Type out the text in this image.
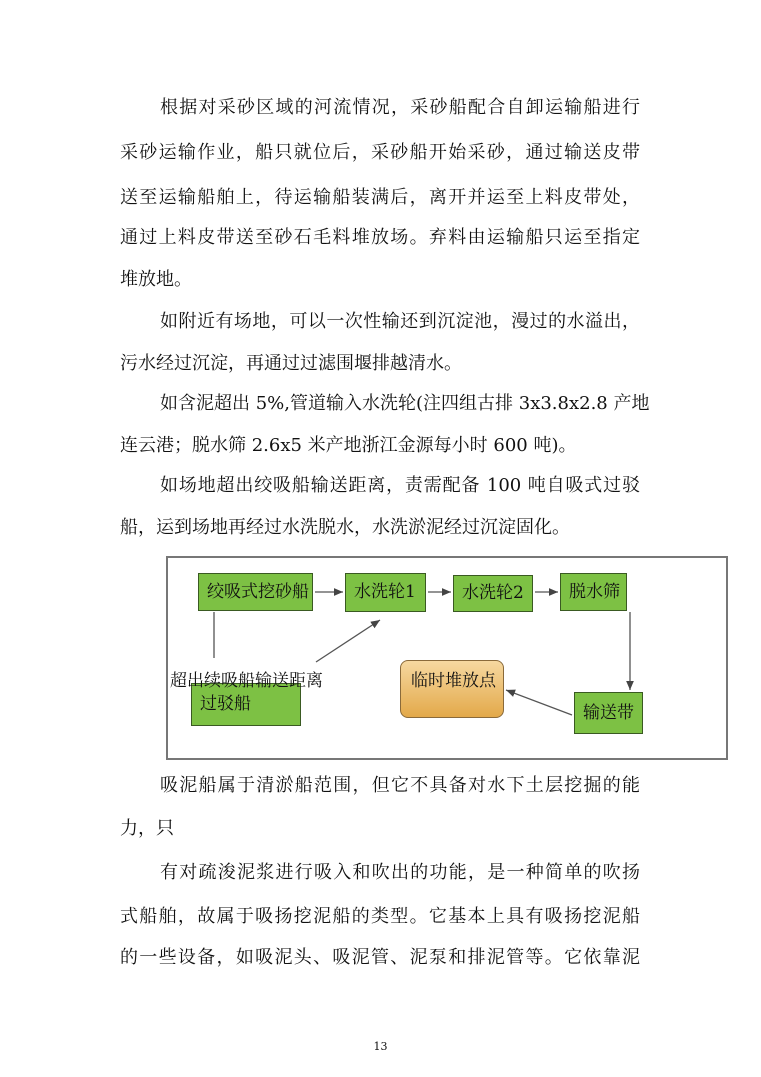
根据对采砂区域的河流情况，采砂船配合自卸运输船进行
采砂运输作业，船只就位后，采砂船开始采砂，通过输送皮带
送至运输船舶上，待运输船装满后，离开并运至上料皮带处，
通过上料皮带送至砂石毛料堆放场。弃料由运输船只运至指定
堆放地。
如附近有场地，可以一次性输还到沉淀池，漫过的水溢出，
污水经过沉淀，再通过过滤围堰排越清水。
如含泥超出 5%,管道输入水洗轮(注四组古排 3x3.8x2.8 产地
连云港；脱水筛 2.6x5 米产地浙江金源每小时 600 吨)。
如场地超出绞吸船输送距离，责需配备 100 吨自吸式过驳
船，运到场地再经过水洗脱水，水洗淤泥经过沉淀固化。
绞吸式挖砂船	水洗轮1	水洗轮2	脱水筛
过驳船
临时堆放点
输送带
超出续吸船输送距离
吸泥船属于清淤船范围，但它不具备对水下土层挖掘的能
力，只
有对疏浚泥浆进行吸入和吹出的功能，是一种简单的吹扬
式船舶，故属于吸扬挖泥船的类型。它基本上具有吸扬挖泥船
的一些设备，如吸泥头、吸泥管、泥泵和排泥管等。它依靠泥
13
